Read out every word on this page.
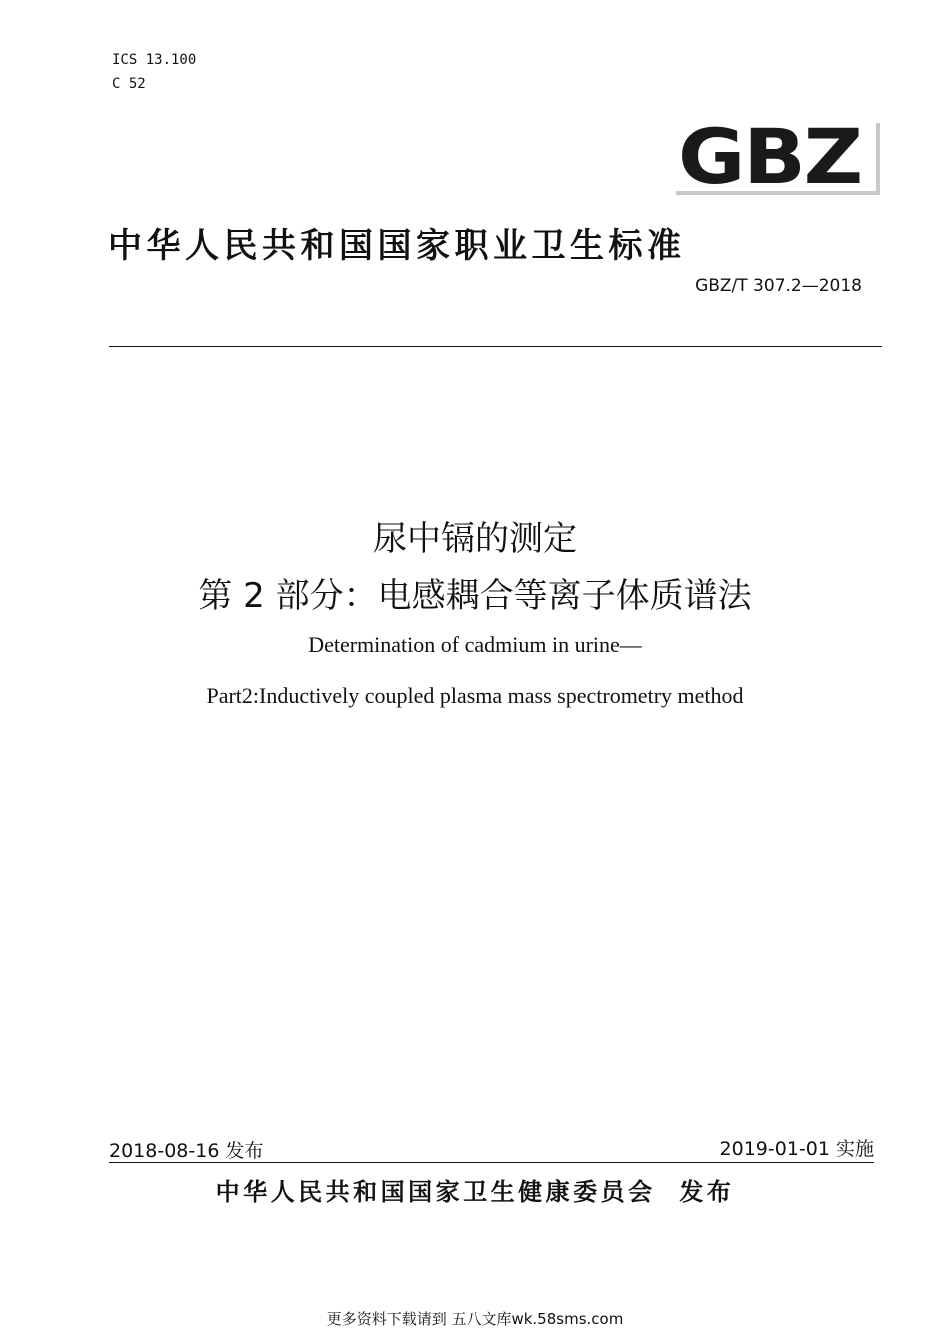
ICS 13.100
C 52
GBZ
中华人民共和国国家职业卫生标准
GBZ/T 307.2—2018
尿中镉的测定
第 2 部分：电感耦合等离子体质谱法
Determination of cadmium in urine—
Part2:Inductively coupled plasma mass spectrometry method
2018-08-16 发布	2019-01-01 实施
中华人民共和国国家卫生健康委员会  发布
更多资料下载请到 五八文库wk.58sms.com
